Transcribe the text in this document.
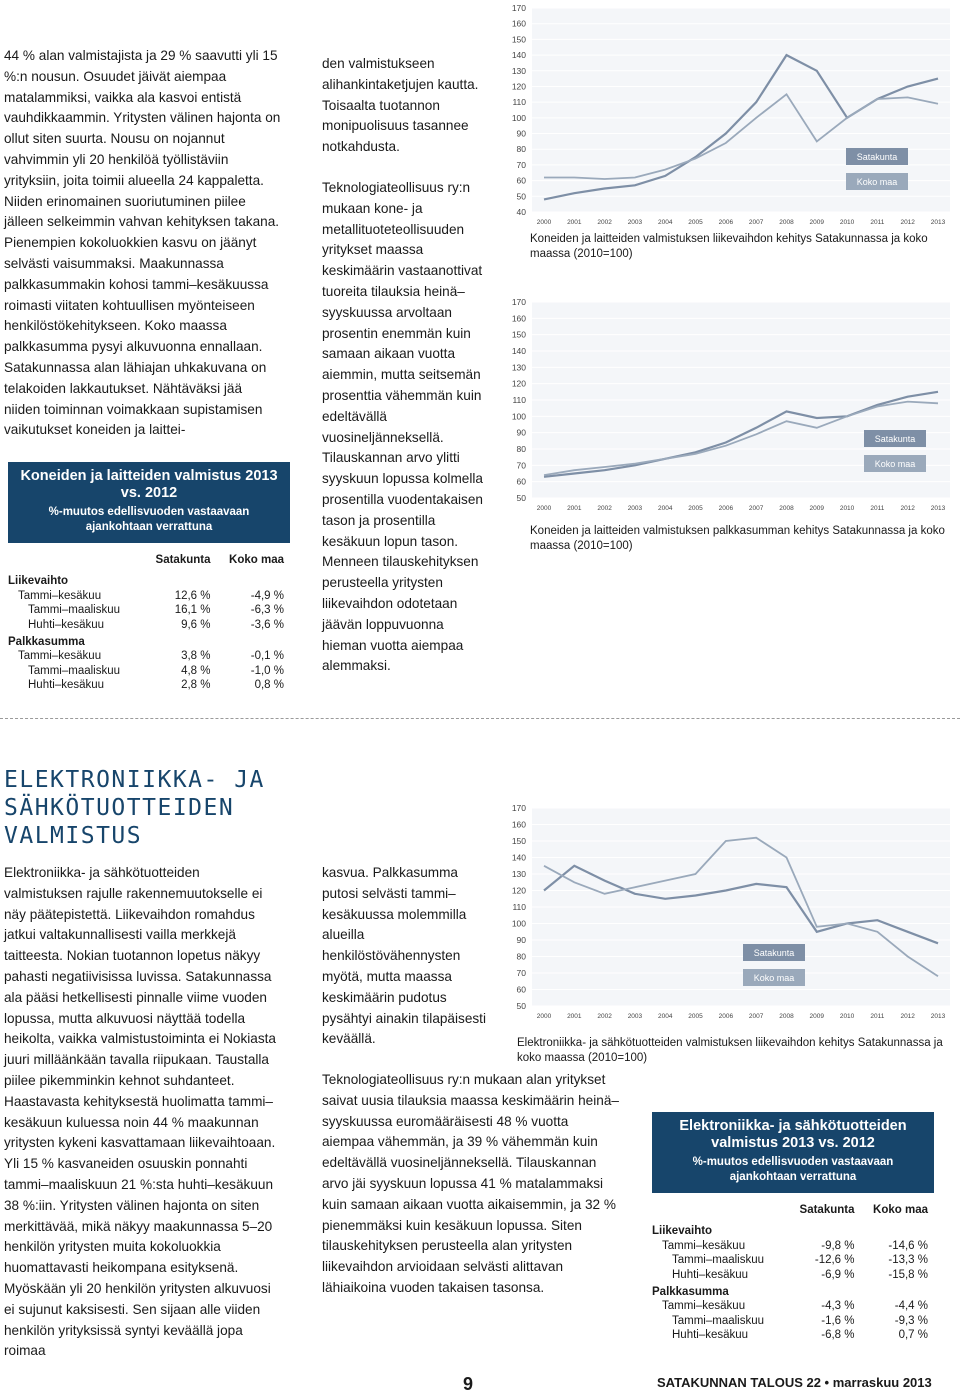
44 % alan valmistajista ja 29 % saavutti yli 15 %:n nousun. Osuudet jäivät aiempaa matalammiksi, vaikka ala kasvoi entistä vauhdikkaammin. Yritysten välinen hajonta on ollut siten suurta. Nousu on nojannut vahvimmin yli 20 henkilöä työllistäviin yrityksiin, joita toimii alueella 24 kappaletta. Niiden erinomainen suoriutuminen piilee jälleen selkeimmin vahvan kehityksen takana. Pienempien kokoluokkien kasvu on jäänyt selvästi vaisummaksi. Maakunnassa palkkasummakin kohosi tammi–kesäkuussa roimasti viitaten kohtuullisen myönteiseen henkilöstökehitykseen. Koko maassa palkkasumma pysyi alkuvuonna ennallaan. Satakunnassa alan lähiajan uhkakuvana on telakoiden lakkautukset. Nähtäväksi jää niiden toiminnan voimakkaan supistamisen vaikutukset koneiden ja laittei-

den valmistukseen alihankintaketjujen kautta. Toisaalta tuotannon monipuolisuus tasannee notkahdusta.

Teknologiateollisuus ry:n mukaan kone- ja metallituoteteollisuuden yritykset maassa keskimäärin vastaanottivat tuoreita tilauksia heinä–syyskuussa arvoltaan prosentin enemmän kuin samaan aikaan vuotta aiemmin, mutta seitsemän prosenttia vähemmän kuin edeltävällä vuosineljänneksellä. Tilauskannan arvo ylitti syyskuun lopussa kolmella prosentilla vuodentakaisen tason ja prosentilla kesäkuun lopun tason. Menneen tilauskehityksen perusteella yritysten liikevaihdon odotetaan jäävän loppuvuonna hieman vuotta aiempaa alemmaksi.

Koneiden ja laitteiden valmistus 2013 vs. 2012
%-muutos edellisvuoden vastaavaan ajankohtaan verrattuna
	Satakunta	Koko maa
Liikevaihto		
Tammi–kesäkuu	12,6 %	-4,9 %
Tammi–maaliskuu	16,1 %	-6,3 %
Huhti–kesäkuu	9,6 %	-3,6 %
Palkkasumma		
Tammi–kesäkuu	3,8 %	-0,1 %
Tammi–maaliskuu	4,8 %	-1,0 %
Huhti–kesäkuu	2,8 %	0,8 %
40
50
60
70
80
90
100
110
120
130
140
150
160
170
2000 2001 2002 2003 2004 2005 2006 2007 2008 2009 2010 2011 2012 2013
Satakunta
Koko maa
Koneiden ja laitteiden valmistuksen liikevaihdon kehitys Satakunnassa ja koko maassa (2010=100)
50
60
70
80
90
100
110
120
130
140
150
160
170
2000 2001 2002 2003 2004 2005 2006 2007 2008 2009 2010 2011 2012 2013
Satakunta
Koko maa
Koneiden ja laitteiden valmistuksen palkkasumman kehitys Satakunnassa ja koko maassa (2010=100)
50
60
70
80
90
100
110
120
130
140
150
160
170
2000 2001 2002 2003 2004 2005 2006 2007 2008 2009 2010 2011 2012 2013
Satakunta
Koko maa
Elektroniikka- ja sähkötuotteiden valmistuksen liikevaihdon kehitys Satakunnassa ja koko maassa (2010=100)
ELEKTRONIIKKA- JA
SÄHKÖTUOTTEIDEN
VALMISTUS

Elektroniikka- ja sähkötuotteiden valmistuksen rajulle rakennemuutokselle ei näy päätepistettä. Liikevaihdon romahdus jatkui valtakunnallisesti vailla merkkejä taitteesta. Nokian tuotannon lopetus näkyy pahasti negatiivisissa luvissa. Satakunnassa ala pääsi hetkellisesti pinnalle viime vuoden lopussa, mutta alkuvuosi näyttää todella heikolta, vaikka valmistustoiminta ei Nokiasta juuri milläänkään tavalla riipukaan. Taustalla piilee pikemminkin kehnot suhdanteet. Haastavasta kehityksestä huolimatta tammi–kesäkuun kuluessa noin 44 % maakunnan yritysten kykeni kasvattamaan liikevaihtoaan. Yli 15 % kasvaneiden osuuskin ponnahti tammi–maaliskuun 21 %:sta huhti–kesäkuun 38 %:iin. Yritysten välinen hajonta on siten merkittävää, mikä näkyy maakunnassa 5–20 henkilön yritysten muita kokoluokkia huomattavasti heikompana esityksenä. Myöskään yli 20 henkilön yritysten alkuvuosi ei sujunut kaksisesti. Sen sijaan alle viiden henkilön yrityksissä syntyi keväällä jopa roimaa

kasvua. Palkkasumma putosi selvästi tammi–kesäkuussa molemmilla alueilla henkilöstövähennysten myötä, mutta maassa keskimäärin pudotus pysähtyi ainakin tilapäisesti keväällä.

Teknologiateollisuus ry:n mukaan alan yritykset saivat uusia tilauksia maassa keskimäärin heinä–syyskuussa euromääräisesti 48 % vuotta aiempaa vähemmän, ja 39 % vähemmän kuin edeltävällä vuosineljänneksellä. Tilauskannan arvo jäi syyskuun lopussa 41 % matalammaksi kuin samaan aikaan vuotta aikaisemmin, ja 32 % pienemmäksi kuin kesäkuun lopussa. Siten tilauskehityksen perusteella alan yritysten liikevaihdon arvioidaan selvästi alittavan lähiaikoina vuoden takaisen tasonsa.

Elektroniikka- ja sähkötuotteiden valmistus 2013 vs. 2012
%-muutos edellisvuoden vastaavaan ajankohtaan verrattuna
	Satakunta	Koko maa
Liikevaihto		
Tammi–kesäkuu	-9,8 %	-14,6 %
Tammi–maaliskuu	-12,6 %	-13,3 %
Huhti–kesäkuu	-6,9 %	-15,8 %
Palkkasumma		
Tammi–kesäkuu	-4,3 %	-4,4 %
Tammi–maaliskuu	-1,6 %	-9,3 %
Huhti–kesäkuu	-6,8 %	0,7 %
9	SATAKUNNAN TALOUS 22 • marraskuu 2013
